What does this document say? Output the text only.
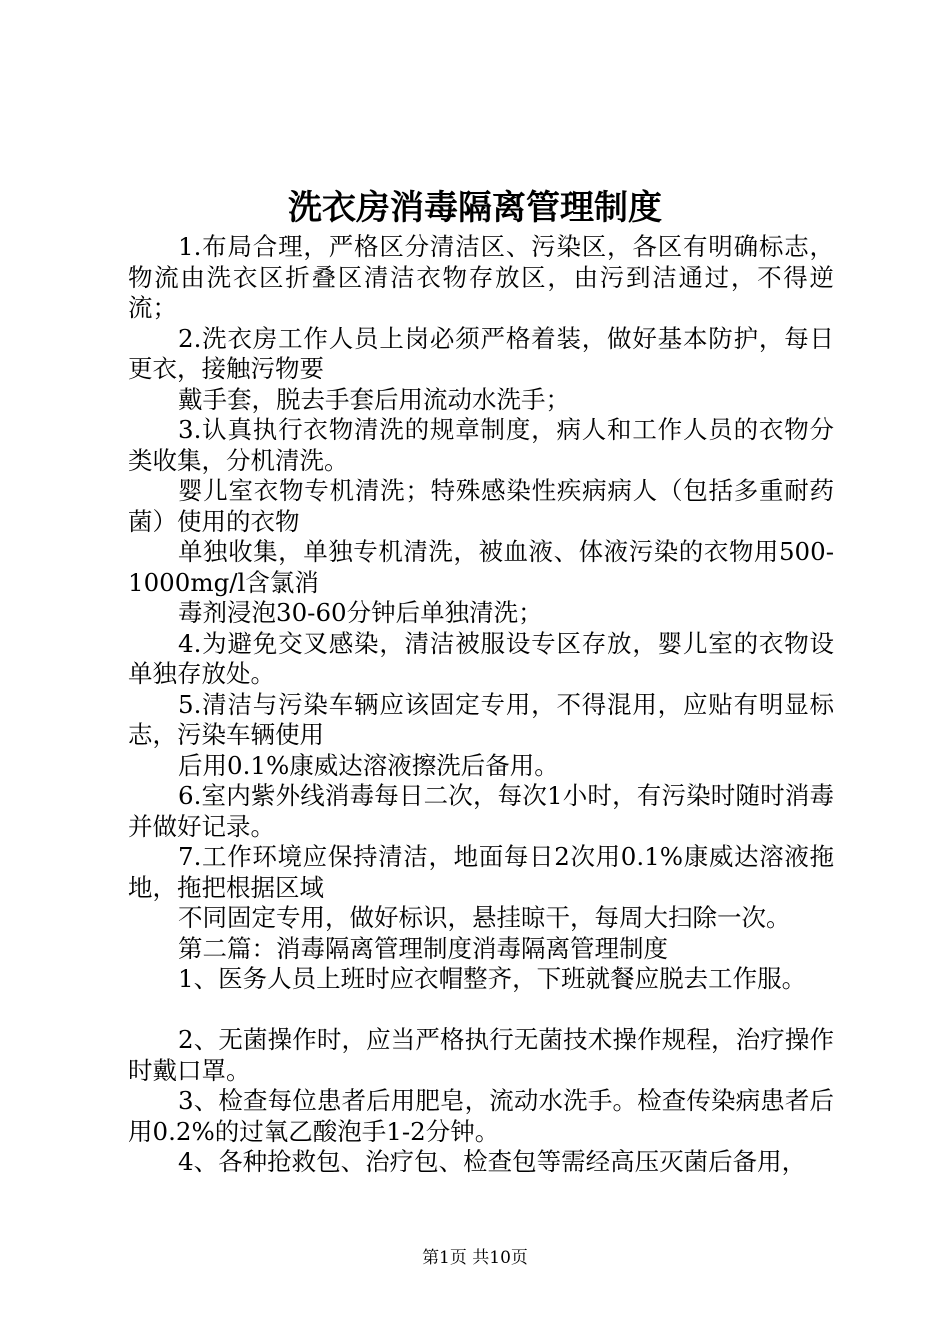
洗衣房消毒隔离管理制度

1.布局合理，严格区分清洁区、污染区，各区有明确标志，物流由洗衣区折叠区清洁衣物存放区，由污到洁通过，不得逆流；

2.洗衣房工作人员上岗必须严格着装，做好基本防护，每日更衣，接触污物要

戴手套，脱去手套后用流动水洗手；

3.认真执行衣物清洗的规章制度，病人和工作人员的衣物分类收集，分机清洗。

婴儿室衣物专机清洗；特殊感染性疾病病人（包括多重耐药菌）使用的衣物

单独收集，单独专机清洗，被血液、体液污染的衣物用500-1000mg/l含氯消

毒剂浸泡30-60分钟后单独清洗；

4.为避免交叉感染，清洁被服设专区存放，婴儿室的衣物设单独存放处。

5.清洁与污染车辆应该固定专用，不得混用，应贴有明显标志，污染车辆使用

后用0.1%康威达溶液擦洗后备用。

6.室内紫外线消毒每日二次，每次1小时，有污染时随时消毒并做好记录。

7.工作环境应保持清洁，地面每日2次用0.1%康威达溶液拖地，拖把根据区域

不同固定专用，做好标识，悬挂晾干，每周大扫除一次。

第二篇：消毒隔离管理制度消毒隔离管理制度

1、医务人员上班时应衣帽整齐，下班就餐应脱去工作服。

2、无菌操作时，应当严格执行无菌技术操作规程，治疗操作时戴口罩。

3、检查每位患者后用肥皂，流动水洗手。检查传染病患者后用0.2%的过氧乙酸泡手1-2分钟。

4、各种抢救包、治疗包、检查包等需经高压灭菌后备用，

第1页 共10页
